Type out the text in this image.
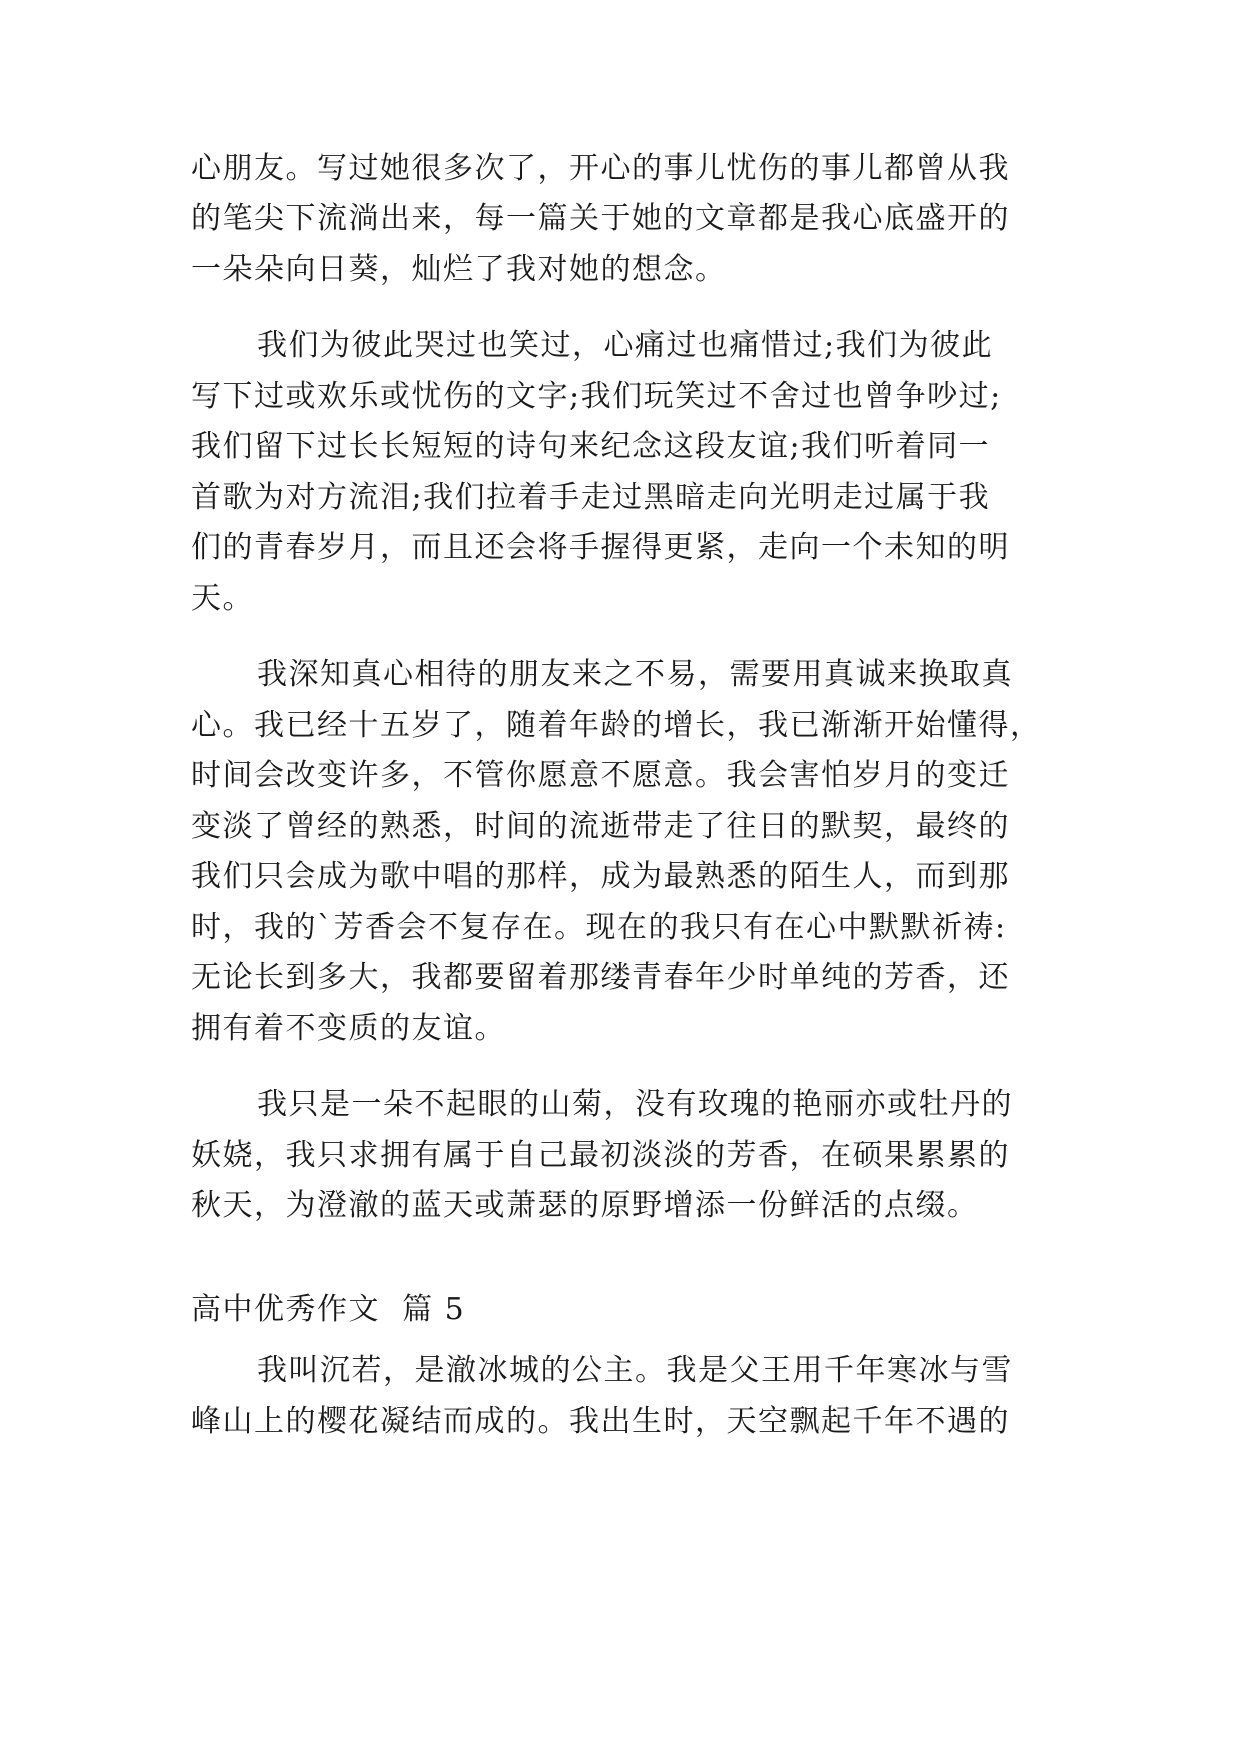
心朋友。写过她很多次了，开心的事儿忧伤的事儿都曾从我
的笔尖下流淌出来，每一篇关于她的文章都是我心底盛开的
一朵朵向日葵，灿烂了我对她的想念。
我们为彼此哭过也笑过，心痛过也痛惜过;我们为彼此
写下过或欢乐或忧伤的文字;我们玩笑过不舍过也曾争吵过;
我们留下过长长短短的诗句来纪念这段友谊;我们听着同一
首歌为对方流泪;我们拉着手走过黑暗走向光明走过属于我
们的青春岁月，而且还会将手握得更紧，走向一个未知的明
天。
我深知真心相待的朋友来之不易，需要用真诚来换取真
心。我已经十五岁了，随着年龄的增长，我已渐渐开始懂得，
时间会改变许多，不管你愿意不愿意。我会害怕岁月的变迁
变淡了曾经的熟悉，时间的流逝带走了往日的默契，最终的
我们只会成为歌中唱的那样，成为最熟悉的陌生人，而到那
时，我的`芳香会不复存在。现在的我只有在心中默默祈祷:
无论长到多大，我都要留着那缕青春年少时单纯的芳香，还
拥有着不变质的友谊。
我只是一朵不起眼的山菊，没有玫瑰的艳丽亦或牡丹的
妖娆，我只求拥有属于自己最初淡淡的芳香，在硕果累累的
秋天，为澄澈的蓝天或萧瑟的原野增添一份鲜活的点缀。
高中优秀作文  篇 5
我叫沉若，是澈冰城的公主。我是父王用千年寒冰与雪
峰山上的樱花凝结而成的。我出生时，天空飘起千年不遇的
